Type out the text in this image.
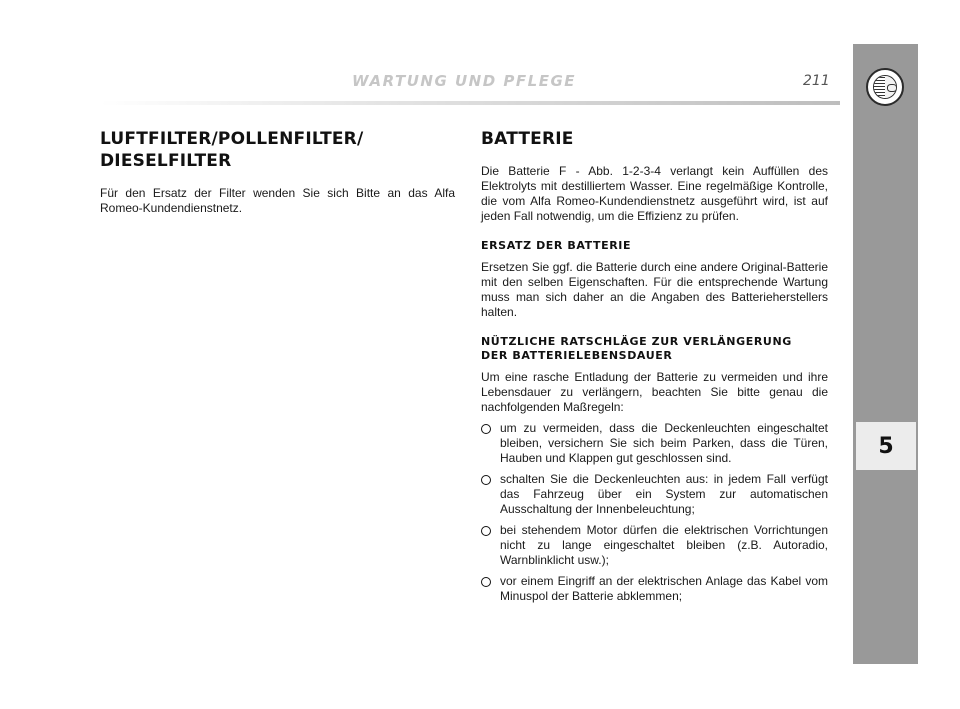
WARTUNG UND PFLEGE	211
5
LUFTFILTER/POLLENFILTER/
DIESELFILTER

Für den Ersatz der Filter wenden Sie sich Bitte an das Alfa Romeo-Kundendienstnetz.

BATTERIE

Die Batterie F - Abb. 1-2-3-4 verlangt kein Auffüllen des Elektrolyts mit destilliertem Wasser. Eine regelmäßige Kontrolle, die vom Alfa Romeo-Kundendienstnetz ausgeführt wird, ist auf jeden Fall notwendig, um die Effizienz zu prüfen.

ERSATZ DER BATTERIE

Ersetzen Sie ggf. die Batterie durch eine andere Original-Batterie mit den selben Eigenschaften. Für die entsprechende Wartung muss man sich daher an die Angaben des Batterieherstellers halten.

NÜTZLICHE RATSCHLÄGE ZUR VERLÄNGERUNG
DER BATTERIELEBENSDAUER

Um eine rasche Entladung der Batterie zu vermeiden und ihre Lebensdauer zu verlängern, beachten Sie bitte genau die nachfolgenden Maßregeln:

um zu vermeiden, dass die Deckenleuchten eingeschaltet bleiben, versichern Sie sich beim Parken, dass die Türen, Hauben und Klappen gut geschlossen sind.
schalten Sie die Deckenleuchten aus: in jedem Fall verfügt das Fahrzeug über ein System zur automatischen Ausschaltung der Innenbeleuchtung;
bei stehendem Motor dürfen die elektrischen Vorrichtungen nicht zu lange eingeschaltet bleiben (z.B. Autoradio, Warnblinklicht usw.);
vor einem Eingriff an der elektrischen Anlage das Kabel vom Minuspol der Batterie abklemmen;
